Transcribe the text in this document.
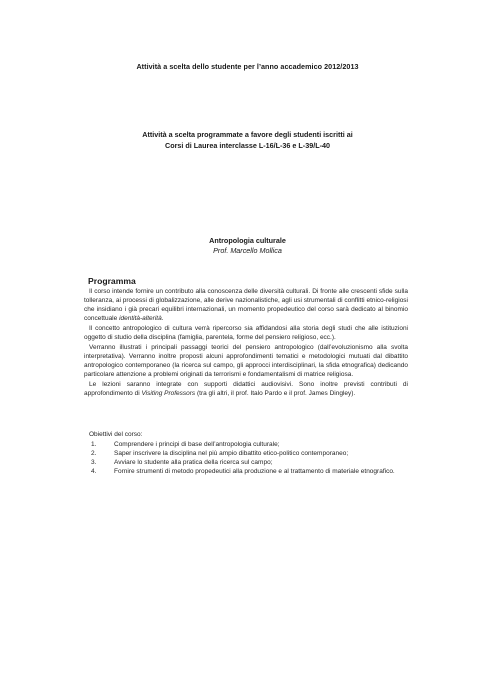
Attività a scelta dello studente per l’anno accademico 2012/2013
Attività a scelta programmate a favore degli studenti iscritti ai
Corsi di Laurea interclasse L-16/L-36 e L-39/L-40
Antropologia culturale
Prof. Marcello Mollica
Programma

Il corso intende fornire un contributo alla conoscenza delle diversità culturali. Di fronte alle crescenti sfide sulla tolleranza, ai processi di globalizzazione, alle derive nazionalistiche, agli usi strumentali di conflitti etnico-religiosi che insidiano i già precari equilibri internazionali, un momento propedeutico del corso sarà dedicato al binomio concettuale identità-alterità.

Il concetto antropologico di cultura verrà ripercorso sia affidandosi alla storia degli studi che alle istituzioni oggetto di studio della disciplina (famiglia, parentela, forme del pensiero religioso, ecc.).

Verranno illustrati i principali passaggi teorici del pensiero antropologico (dall’evoluzionismo alla svolta interpretativa). Verranno inoltre proposti alcuni approfondimenti tematici e metodologici mutuati dal dibattito antropologico contemporaneo (la ricerca sul campo, gli approcci interdisciplinari, la sfida etnografica) dedicando particolare attenzione a problemi originati da terrorismi e fondamentalismi di matrice religiosa.

Le lezioni saranno integrate con supporti didattici audiovisivi. Sono inoltre previsti contributi di approfondimento di Visiting Professors (tra gli altri, il prof. Italo Pardo e il prof. James Dingley).

Obiettivi del corso:
1.	Comprendere i principi di base dell’antropologia culturale;
2.	Saper inscrivere la disciplina nel più ampio dibattito etico-politico contemporaneo;
3.	Avviare lo studente alla pratica della ricerca sul campo;
4.	Fornire strumenti di metodo propedeutici alla produzione e al trattamento di materiale etnografico.
